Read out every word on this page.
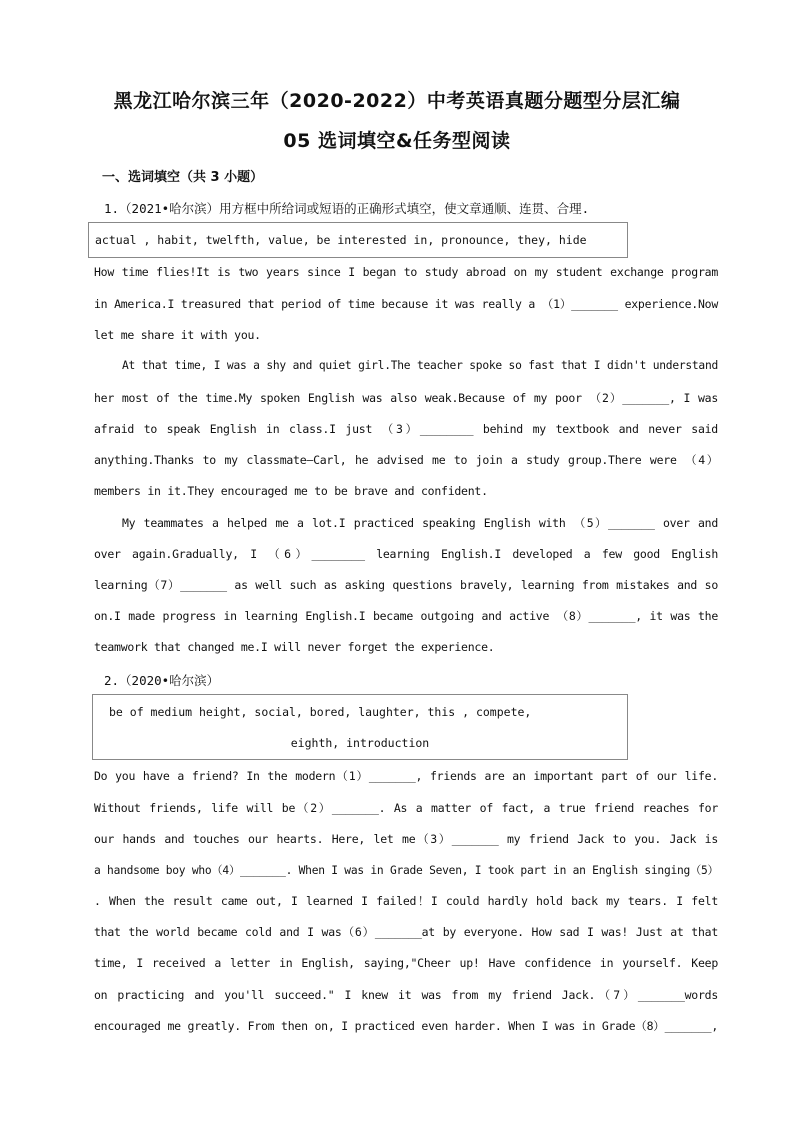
黑龙江哈尔滨三年（2020-2022）中考英语真题分题型分层汇编
05 选词填空&任务型阅读
一、选词填空（共 3 小题）
1.（2021•哈尔滨）用方框中所给词或短语的正确形式填空，使文章通顺、连贯、合理.
actual , habit, twelfth, value, be interested in, pronounce, they, hide
How time flies!It is two years since I began to study abroad on my student exchange program
in America.I treasured that period of time because it was really a （1）_______ experience.Now
let me share it with you.
At that time, I was a shy and quiet girl.The teacher spoke so fast that I didn't understand
her most of the time.My spoken English was also weak.Because of my poor （2）_______, I was
afraid to speak English in class.I just （3）________ behind my textbook and never said
anything.Thanks to my classmate—Carl, he advised me to join a study group.There were （4）
members in it.They encouraged me to be brave and confident.
My teammates a helped me a lot.I practiced speaking English with （5）_______ over and
over again.Gradually, I （6）________ learning English.I developed a few good English
learning（7）_______ as well such as asking questions bravely, learning from mistakes and so
on.I made progress in learning English.I became outgoing and active （8）_______, it was the
teamwork that changed me.I will never forget the experience.
2.（2020•哈尔滨）
be of medium height, social, bored, laughter, this , compete,
eighth, introduction
Do you have a friend? In the modern（1）_______, friends are an important part of our life.
Without friends, life will be（2）_______. As a matter of fact, a true friend reaches for
our hands and touches our hearts. Here, let me（3）_______ my friend Jack to you. Jack is
a handsome boy who（4）_______. When I was in Grade Seven, I took part in an English singing（5）
. When the result came out, I learned I failed！I could hardly hold back my tears. I felt
that the world became cold and I was（6）_______at by everyone. How sad I was! Just at that
time, I received a letter in English, saying,"Cheer up! Have confidence in yourself. Keep
on practicing and you'll succeed." I knew it was from my friend Jack.（7）_______words
encouraged me greatly. From then on, I practiced even harder. When I was in Grade（8）_______,
